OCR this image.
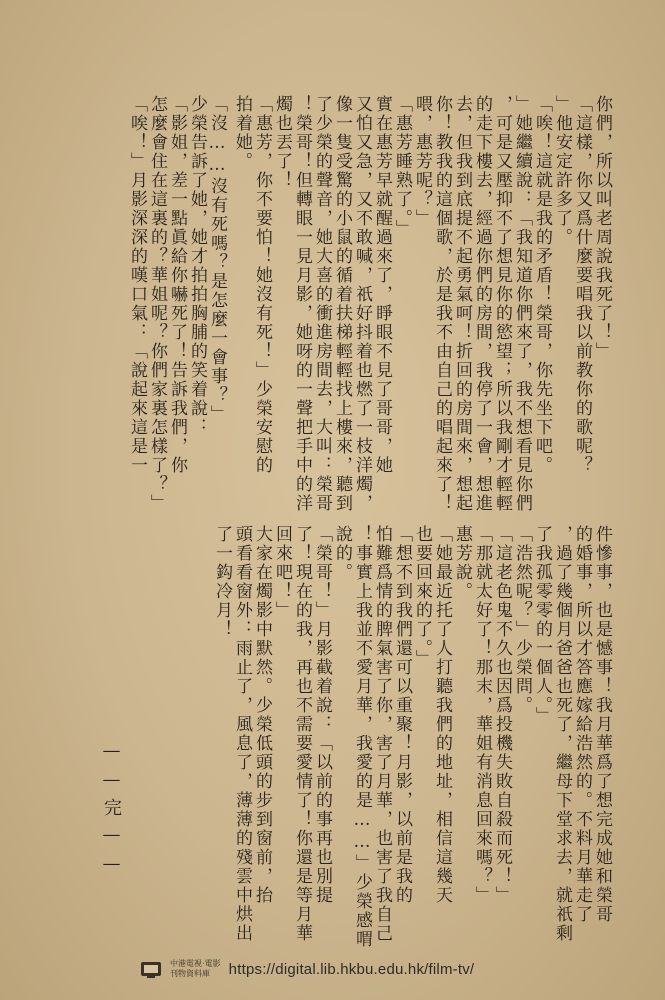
你們，所以叫老周說我死了！」
「這樣，你又爲什麼要唱我以前教你的歌呢？
」他安定許多了。
「唉！這就是我的矛盾！榮哥，你先坐下吧。
」她繼續說：「我知道你們來了，我不想看見你們
，可是又壓抑不了想見你的慾望；所以我剛才輕輕
的走下樓去，經過你們的房間，我停了一會，想進
去，但我到底提不起勇氣呵！折回的房間來，想起
你！教我的這個歌，於是我不由自己的唱起來了！
喂，惠芳呢？」
「惠芳睡熟了。」
實在惠芳早就醒過來了，睜眼不見了哥哥，她
又怕又急，又不敢喊，祇好抖着也燃了一枝洋燭，
像一隻受驚的小鼠的循着扶梯輕輕找上樓來，聽到
了少榮的聲音，她大喜的衝進房間去，大叫：榮哥
！榮哥！但轉眼一見月影，她呀的一聲把手中的洋
燭也丟了！
「惠芳，你不要怕！她沒有死！」少榮安慰的
拍着她。
「沒……沒有死嗎？是怎麼一會事？」
少榮告訴了她，她才拍拍胸脯的笑着說：
「影姐，差一點眞給你嚇死了！告訴我們，你
怎麼會住在這裏的？華姐呢？你們家裏怎樣了？」
「唉！」月影深深的嘆口氣：「說起來這是一
件慘事，也是憾事！我月華爲了想完成她和榮哥
的婚事，所以才答應嫁給浩然的。不料月華走了
，過了幾個月爸爸也死了，繼母下堂求去，就祇剩
了我孤零零的一個人。」
「浩然呢？」少榮問。
「這老色鬼不久也因爲投機失敗自殺而死！」
「那就太好了！那末，華姐有消息回來嗎？」
惠芳說。
「她最近托了人打聽我們的地址，相信這幾天
也要回來的了。」
「想不到我們還可以重聚！月影，以前是我的
怕難爲情的脾氣害了你，害了月華，也害了我自己
！事實上我並不愛月華，我愛的是……」少榮感喟
說的。
「榮哥！」月影截着說：「以前的事再也別提
了！現在的我，再也不需要愛情了！你還是等月華
回來吧！」
大家在燭影中默然。少榮低頭的步到窗前，抬
頭看看窗外：雨止了，風息了，薄薄的殘雲中烘出
了一鈎冷月！
——完——
中港電視·電影
刊物資料庫	https://digital.lib.hkbu.edu.hk/film-tv/
